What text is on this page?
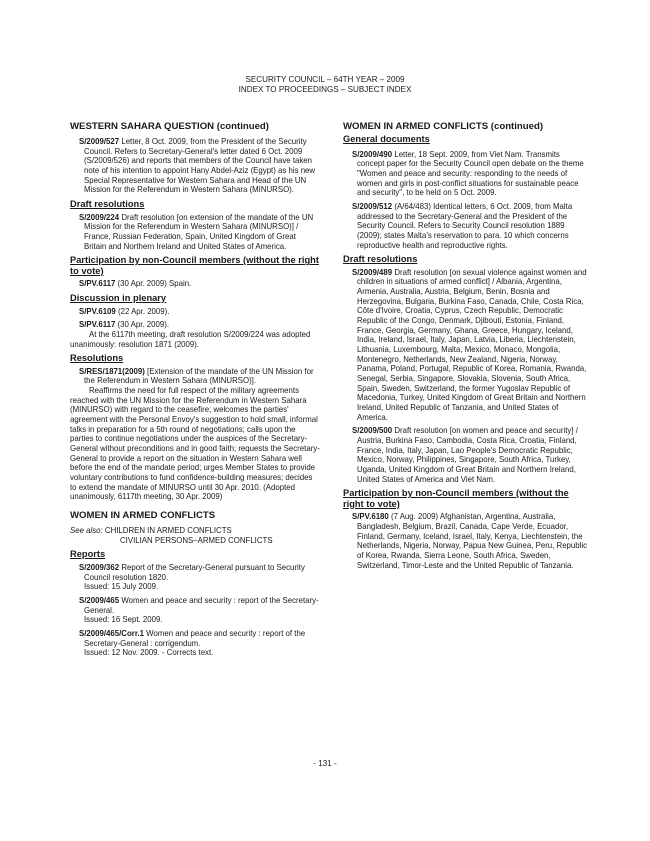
SECURITY COUNCIL – 64TH YEAR – 2009
INDEX TO PROCEEDINGS – SUBJECT INDEX
WESTERN SAHARA QUESTION (continued)
S/2009/527 Letter, 8 Oct. 2009, from the President of the Security Council. Refers to Secretary-General's letter dated 6 Oct. 2009 (S/2009/526) and reports that members of the Council have taken note of his intention to appoint Hany Abdel-Aziz (Egypt) as his new Special Representative for Western Sahara and Head of the UN Mission for the Referendum in Western Sahara (MINURSO).
Draft resolutions
S/2009/224 Draft resolution [on extension of the mandate of the UN Mission for the Referendum in Western Sahara (MINURSO)] / France, Russian Federation, Spain, United Kingdom of Great Britain and Northern Ireland and United States of America.
Participation by non-Council members (without the right to vote)
S/PV.6117 (30 Apr. 2009) Spain.
Discussion in plenary
S/PV.6109 (22 Apr. 2009).
S/PV.6117 (30 Apr. 2009).
At the 6117th meeting, draft resolution S/2009/224 was adopted unanimously: resolution 1871 (2009).
Resolutions
S/RES/1871(2009) [Extension of the mandate of the UN Mission for the Referendum in Western Sahara (MINURSO)].
Reaffirms the need for full respect of the military agreements reached with the UN Mission for the Referendum in Western Sahara (MINURSO) with regard to the ceasefire; welcomes the parties' agreement with the Personal Envoy's suggestion to hold small, informal talks in preparation for a 5th round of negotiations; calls upon the parties to continue negotiations under the auspices of the Secretary-General without preconditions and in good faith; requests the Secretary-General to provide a report on the situation in Western Sahara well before the end of the mandate period; urges Member States to provide voluntary contributions to fund confidence-building measures; decides to extend the mandate of MINURSO until 30 Apr. 2010. (Adopted unanimously, 6117th meeting, 30 Apr. 2009)
WOMEN IN ARMED CONFLICTS
See also: CHILDREN IN ARMED CONFLICTS
CIVILIAN PERSONS–ARMED CONFLICTS
Reports
S/2009/362 Report of the Secretary-General pursuant to Security Council resolution 1820.
Issued: 15 July 2009.
S/2009/465 Women and peace and security : report of the Secretary-General.
Issued: 16 Sept. 2009.
S/2009/465/Corr.1 Women and peace and security : report of the Secretary-General : corrigendum.
Issued: 12 Nov. 2009. - Corrects text.
WOMEN IN ARMED CONFLICTS (continued)
General documents
S/2009/490 Letter, 18 Sept. 2009, from Viet Nam. Transmits concept paper for the Security Council open debate on the theme "Women and peace and security: responding to the needs of women and girls in post-conflict situations for sustainable peace and security", to be held on 5 Oct. 2009.
S/2009/512 (A/64/483) Identical letters, 6 Oct. 2009, from Malta addressed to the Secretary-General and the President of the Security Council. Refers to Security Council resolution 1889 (2009); states Malta's reservation to para. 10 which concerns reproductive health and reproductive rights.
Draft resolutions
S/2009/489 Draft resolution [on sexual violence against women and children in situations of armed conflict] / Albania, Argentina, Armenia, Australia, Austria, Belgium, Benin, Bosnia and Herzegovina, Bulgaria, Burkina Faso, Canada, Chile, Costa Rica, Côte d'Ivoire, Croatia, Cyprus, Czech Republic, Democratic Republic of the Congo, Denmark, Djibouti, Estonia, Finland, France, Georgia, Germany, Ghana, Greece, Hungary, Iceland, India, Ireland, Israel, Italy, Japan, Latvia, Liberia, Liechtenstein, Lithuania, Luxembourg, Malta, Mexico, Monaco, Mongolia, Montenegro, Netherlands, New Zealand, Nigeria, Norway, Panama, Poland, Portugal, Republic of Korea, Romania, Rwanda, Senegal, Serbia, Singapore, Slovakia, Slovenia, South Africa, Spain, Sweden, Switzerland, the former Yugoslav Republic of Macedonia, Turkey, United Kingdom of Great Britain and Northern Ireland, United Republic of Tanzania, and United States of America.
S/2009/500 Draft resolution [on women and peace and security] / Austria, Burkina Faso, Cambodia, Costa Rica, Croatia, Finland, France, India, Italy, Japan, Lao People's Democratic Republic, Mexico, Norway, Philippines, Singapore, South Africa, Turkey, Uganda, United Kingdom of Great Britain and Northern Ireland, United States of America and Viet Nam.
Participation by non-Council members (without the right to vote)
S/PV.6180 (7 Aug. 2009) Afghanistan, Argentina, Australia, Bangladesh, Belgium, Brazil, Canada, Cape Verde, Ecuador, Finland, Germany, Iceland, Israel, Italy, Kenya, Liechtenstein, the Netherlands, Nigeria, Norway, Papua New Guinea, Peru, Republic of Korea, Rwanda, Sierra Leone, South Africa, Sweden, Switzerland, Timor-Leste and the United Republic of Tanzania.
- 131 -
